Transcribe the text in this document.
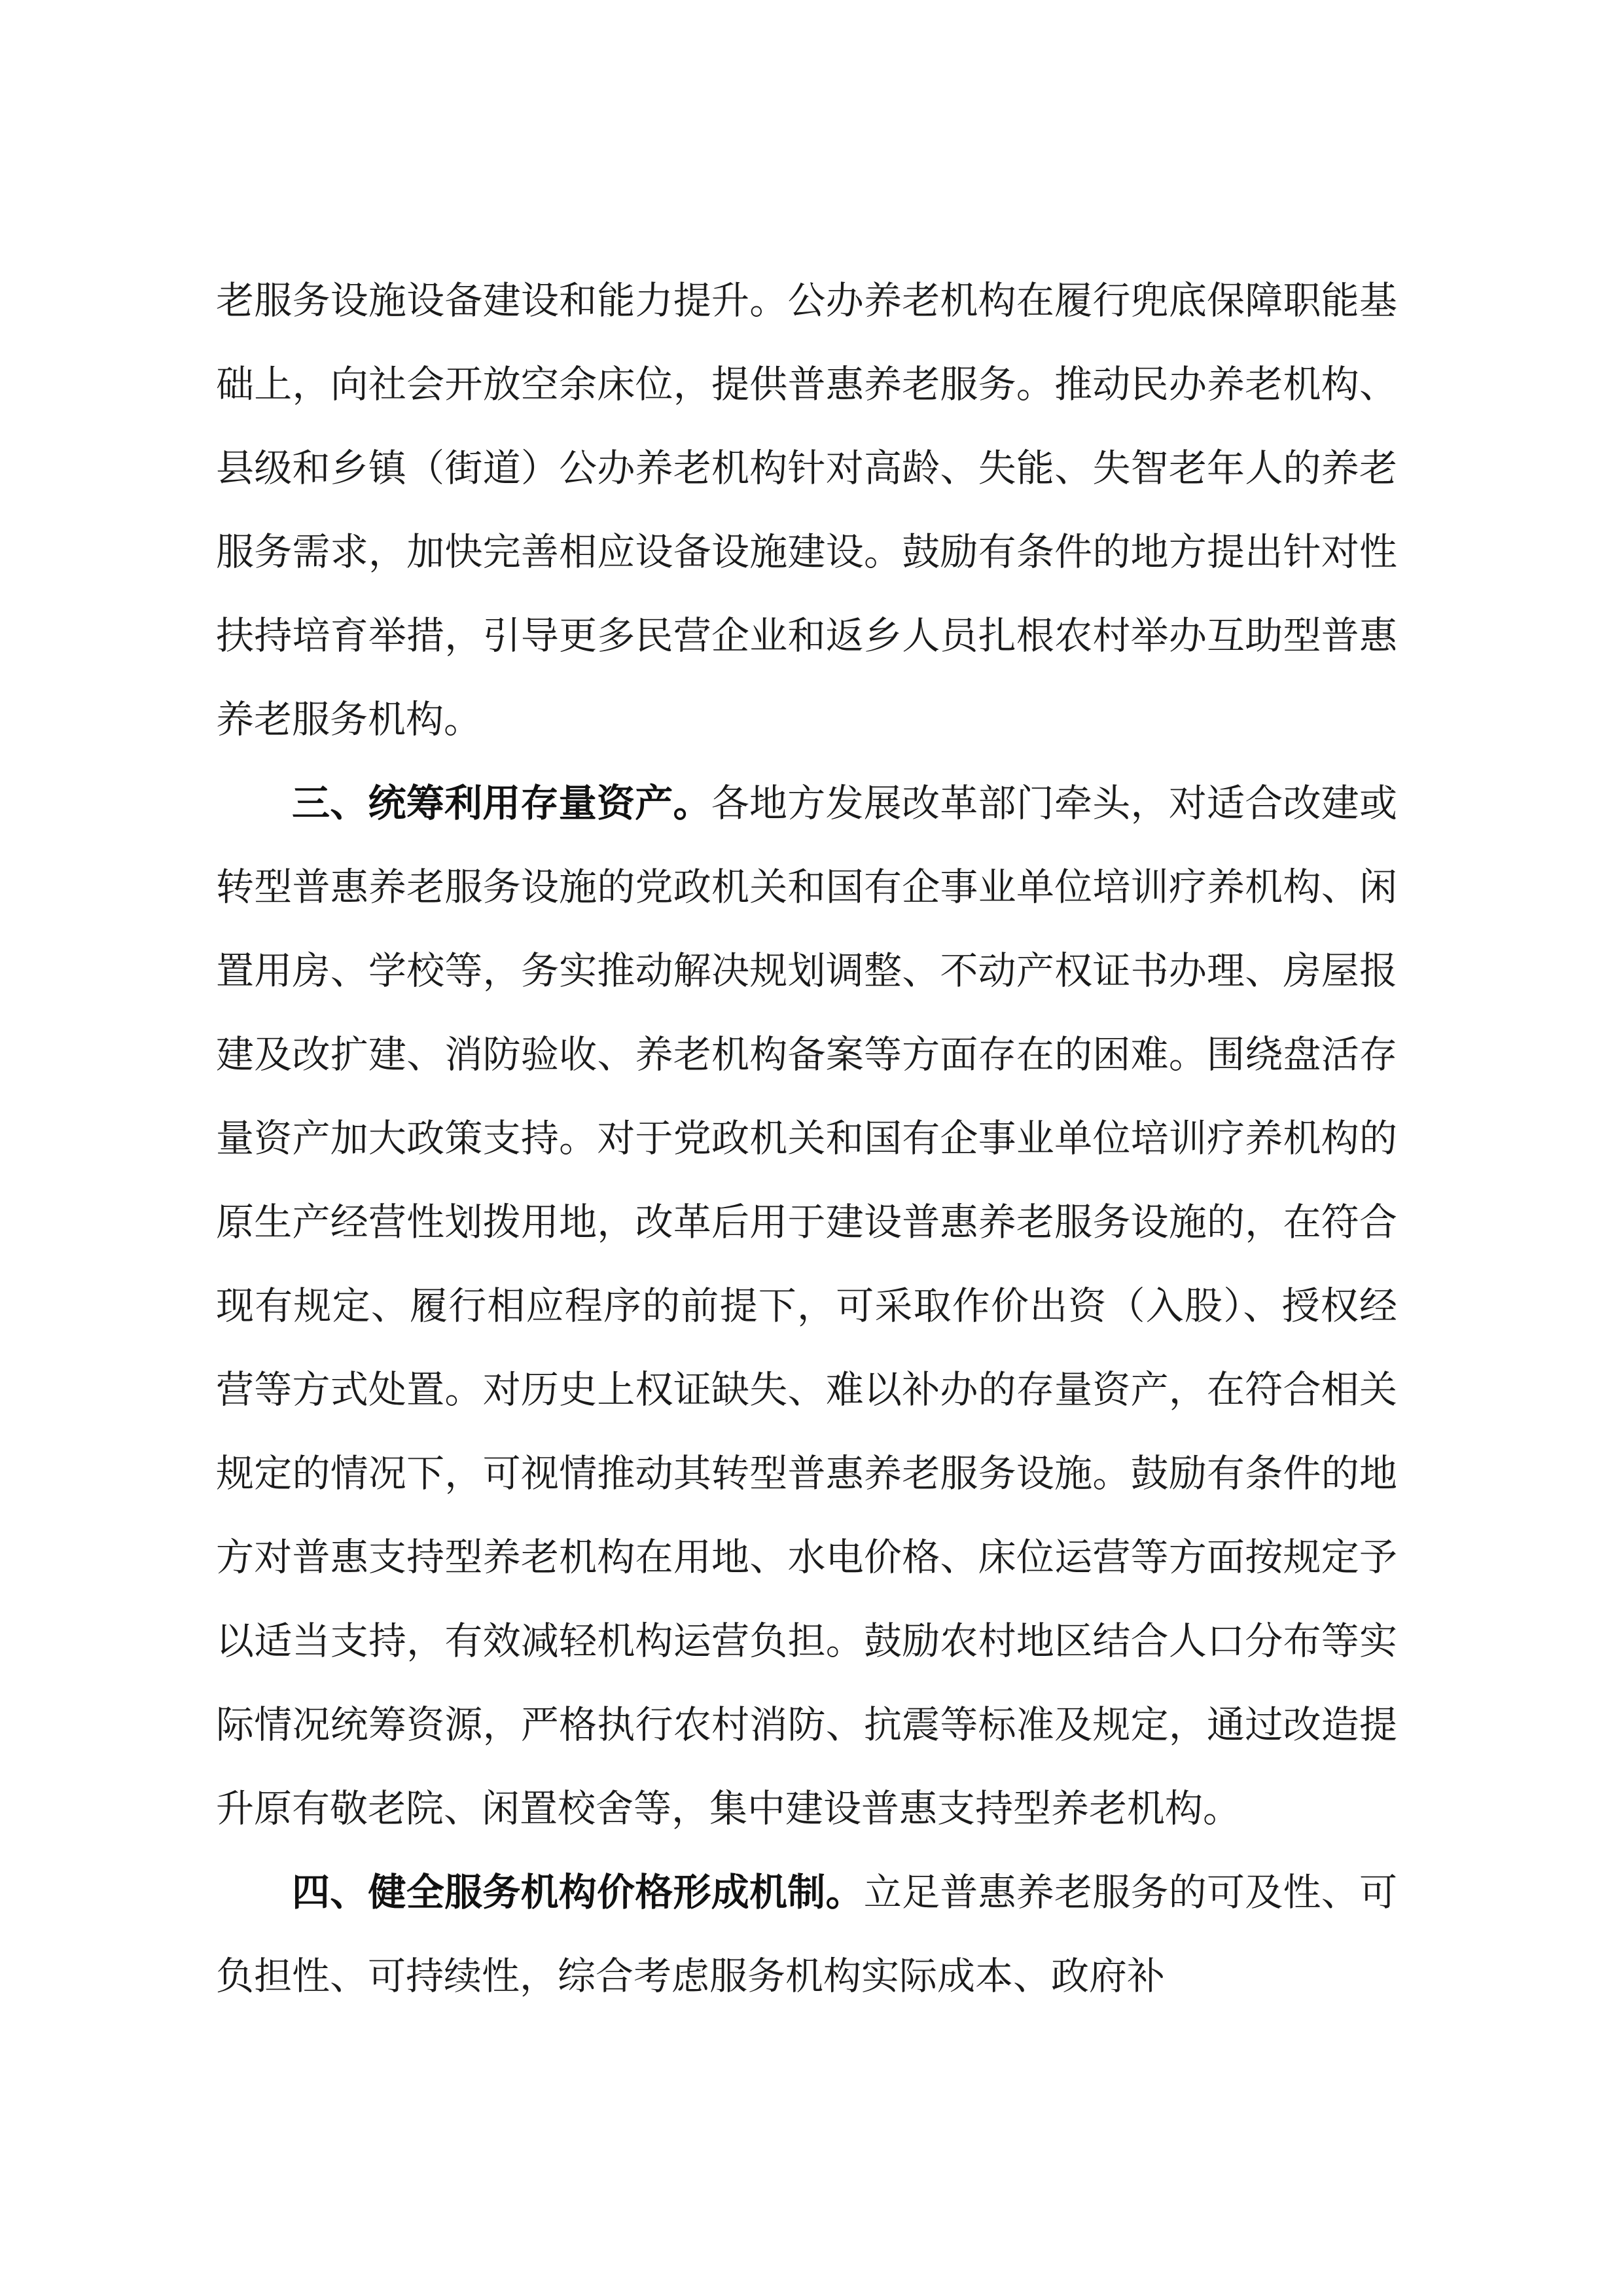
老服务设施设备建设和能力提升。公办养老机构在履行兜底保障职能基础上，向社会开放空余床位，提供普惠养老服务。推动民办养老机构、县级和乡镇（街道）公办养老机构针对高龄、失能、失智老年人的养老服务需求，加快完善相应设备设施建设。鼓励有条件的地方提出针对性扶持培育举措，引导更多民营企业和返乡人员扎根农村举办互助型普惠养老服务机构。

三、统筹利用存量资产。各地方发展改革部门牵头，对适合改建或转型普惠养老服务设施的党政机关和国有企事业单位培训疗养机构、闲置用房、学校等，务实推动解决规划调整、不动产权证书办理、房屋报建及改扩建、消防验收、养老机构备案等方面存在的困难。围绕盘活存量资产加大政策支持。对于党政机关和国有企事业单位培训疗养机构的原生产经营性划拨用地，改革后用于建设普惠养老服务设施的，在符合现有规定、履行相应程序的前提下，可采取作价出资（入股）、授权经营等方式处置。对历史上权证缺失、难以补办的存量资产，在符合相关规定的情况下，可视情推动其转型普惠养老服务设施。鼓励有条件的地方对普惠支持型养老机构在用地、水电价格、床位运营等方面按规定予以适当支持，有效减轻机构运营负担。鼓励农村地区结合人口分布等实际情况统筹资源，严格执行农村消防、抗震等标准及规定，通过改造提升原有敬老院、闲置校舍等，集中建设普惠支持型养老机构。

四、健全服务机构价格形成机制。立足普惠养老服务的可及性、可负担性、可持续性，综合考虑服务机构实际成本、政府补
